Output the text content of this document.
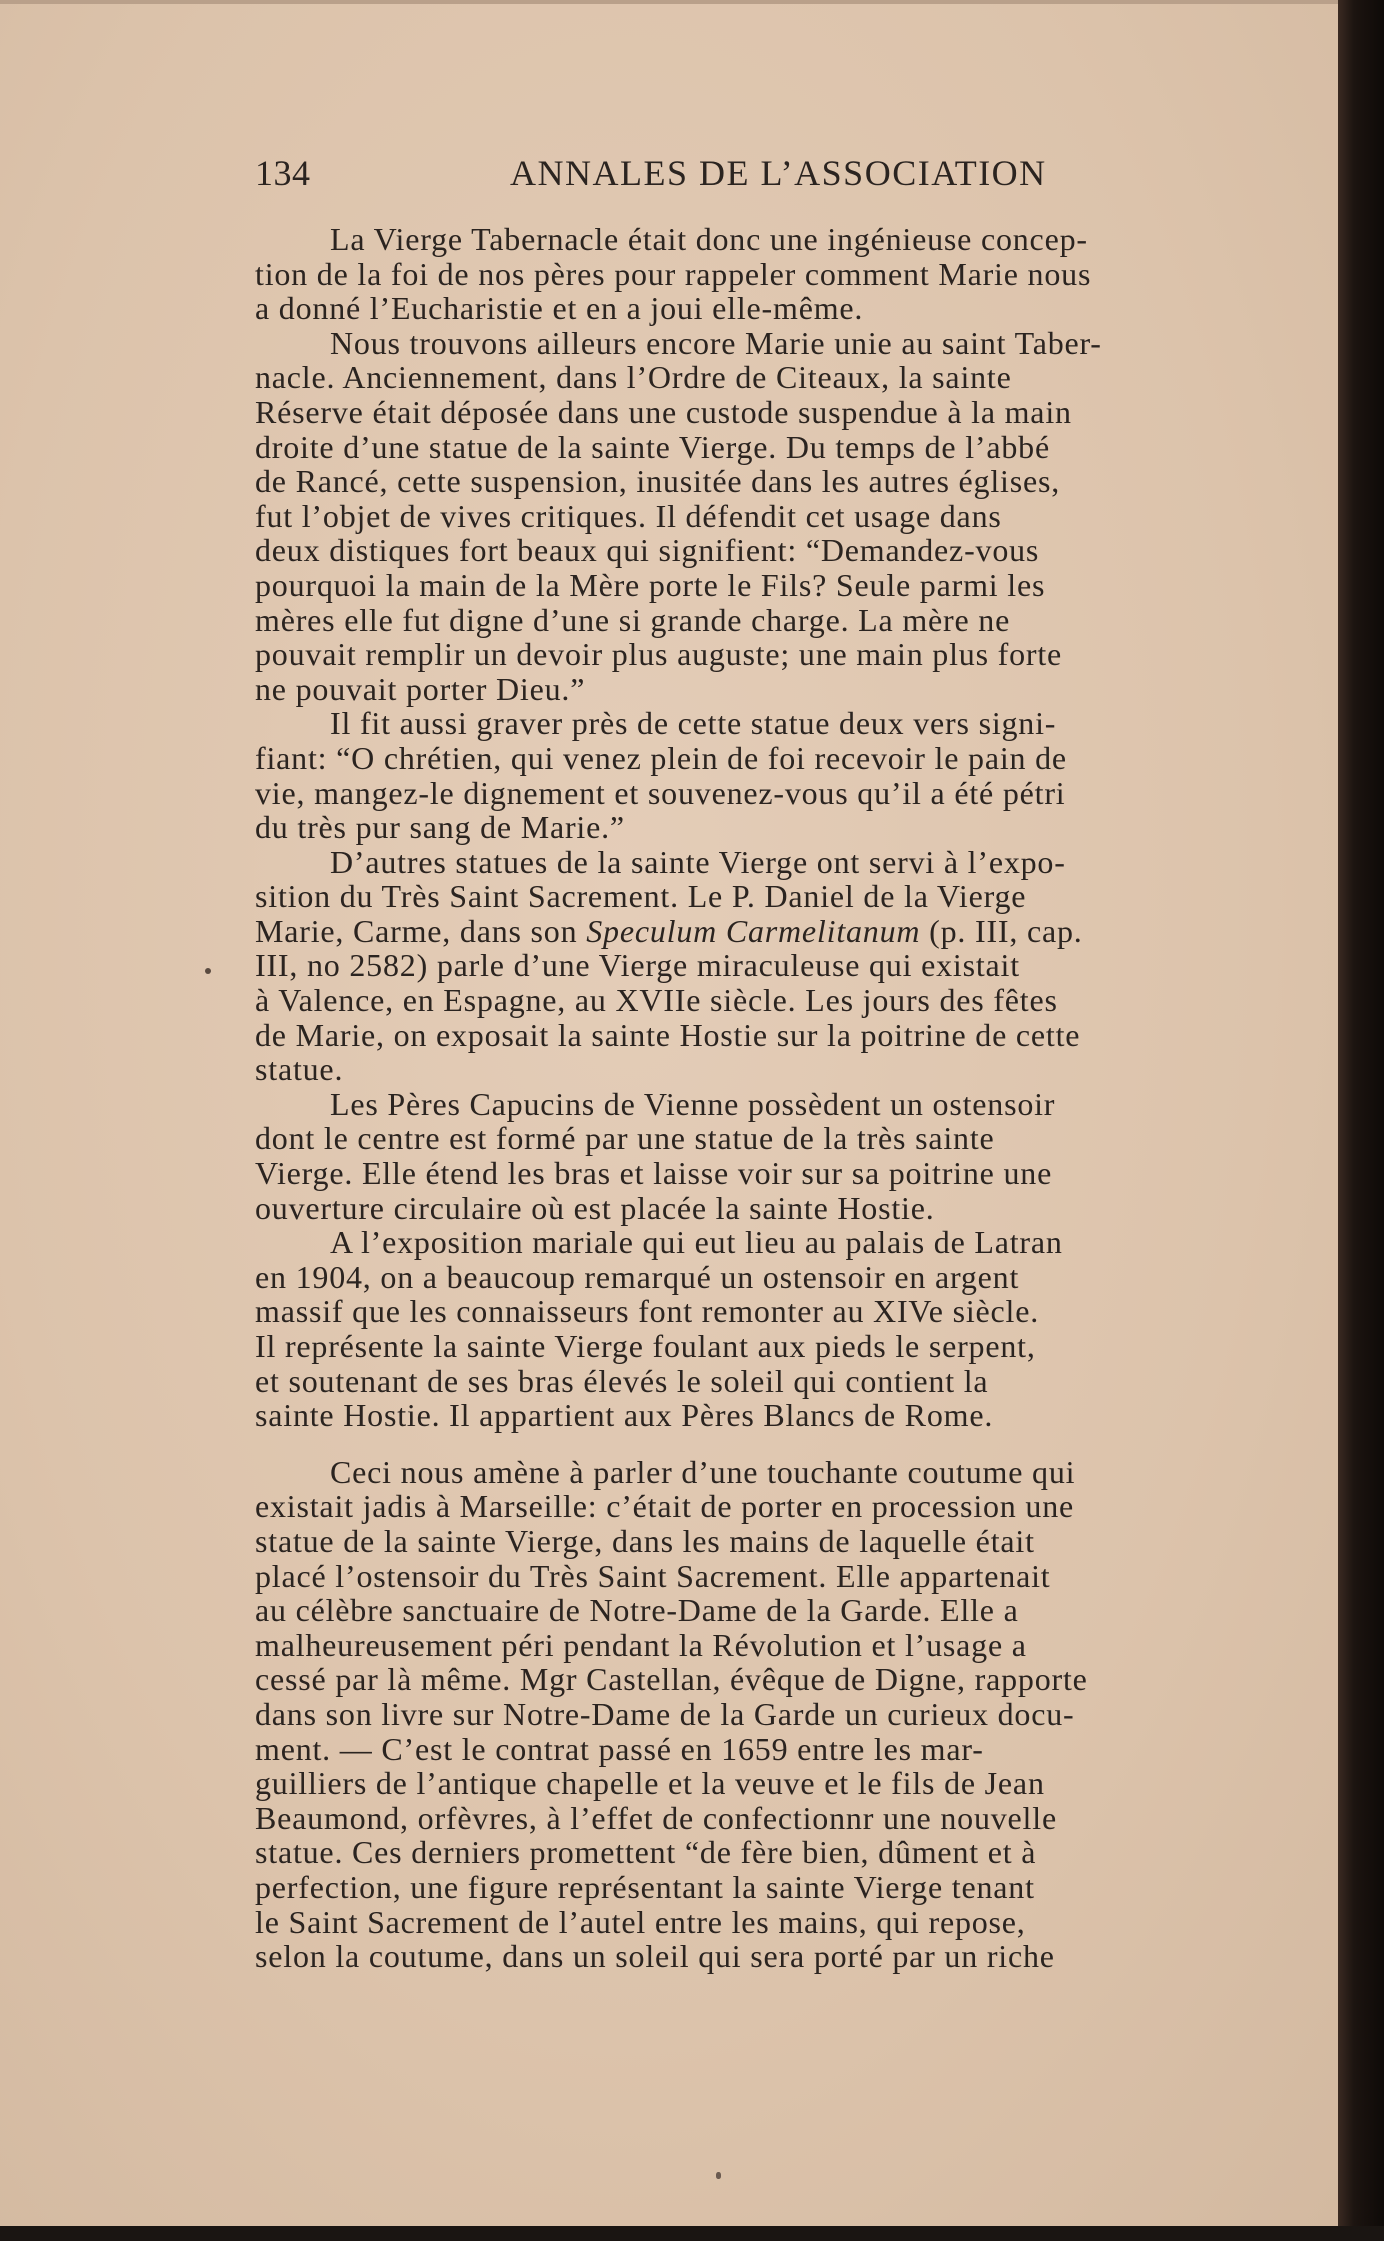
134	ANNALES DE L’ASSOCIATION
La Vierge Tabernacle était donc une ingénieuse concep-
tion de la foi de nos pères pour rappeler comment Marie nous
a donné l’Eucharistie et en a joui elle-même.
Nous trouvons ailleurs encore Marie unie au saint Taber-
nacle. Anciennement, dans l’Ordre de Citeaux, la sainte
Réserve était déposée dans une custode suspendue à la main
droite d’une statue de la sainte Vierge. Du temps de l’abbé
de Rancé, cette suspension, inusitée dans les autres églises,
fut l’objet de vives critiques. Il défendit cet usage dans
deux distiques fort beaux qui signifient: “Demandez-vous
pourquoi la main de la Mère porte le Fils? Seule parmi les
mères elle fut digne d’une si grande charge. La mère ne
pouvait remplir un devoir plus auguste; une main plus forte
ne pouvait porter Dieu.”
Il fit aussi graver près de cette statue deux vers signi-
fiant: “O chrétien, qui venez plein de foi recevoir le pain de
vie, mangez-le dignement et souvenez-vous qu’il a été pétri
du très pur sang de Marie.”
D’autres statues de la sainte Vierge ont servi à l’expo-
sition du Très Saint Sacrement. Le P. Daniel de la Vierge
Marie, Carme, dans son Speculum Carmelitanum (p. III, cap.
III, no 2582) parle d’une Vierge miraculeuse qui existait
à Valence, en Espagne, au XVIIe siècle. Les jours des fêtes
de Marie, on exposait la sainte Hostie sur la poitrine de cette
statue.
Les Pères Capucins de Vienne possèdent un ostensoir
dont le centre est formé par une statue de la très sainte
Vierge. Elle étend les bras et laisse voir sur sa poitrine une
ouverture circulaire où est placée la sainte Hostie.
A l’exposition mariale qui eut lieu au palais de Latran
en 1904, on a beaucoup remarqué un ostensoir en argent
massif que les connaisseurs font remonter au XIVe siècle.
Il représente la sainte Vierge foulant aux pieds le serpent,
et soutenant de ses bras élevés le soleil qui contient la
sainte Hostie. Il appartient aux Pères Blancs de Rome.
Ceci nous amène à parler d’une touchante coutume qui
existait jadis à Marseille: c’était de porter en procession une
statue de la sainte Vierge, dans les mains de laquelle était
placé l’ostensoir du Très Saint Sacrement. Elle appartenait
au célèbre sanctuaire de Notre-Dame de la Garde. Elle a
malheureusement péri pendant la Révolution et l’usage a
cessé par là même. Mgr Castellan, évêque de Digne, rapporte
dans son livre sur Notre-Dame de la Garde un curieux docu-
ment. — C’est le contrat passé en 1659 entre les mar-
guilliers de l’antique chapelle et la veuve et le fils de Jean
Beaumond, orfèvres, à l’effet de confectionnr une nouvelle
statue. Ces derniers promettent “de fère bien, dûment et à
perfection, une figure représentant la sainte Vierge tenant
le Saint Sacrement de l’autel entre les mains, qui repose,
selon la coutume, dans un soleil qui sera porté par un riche
